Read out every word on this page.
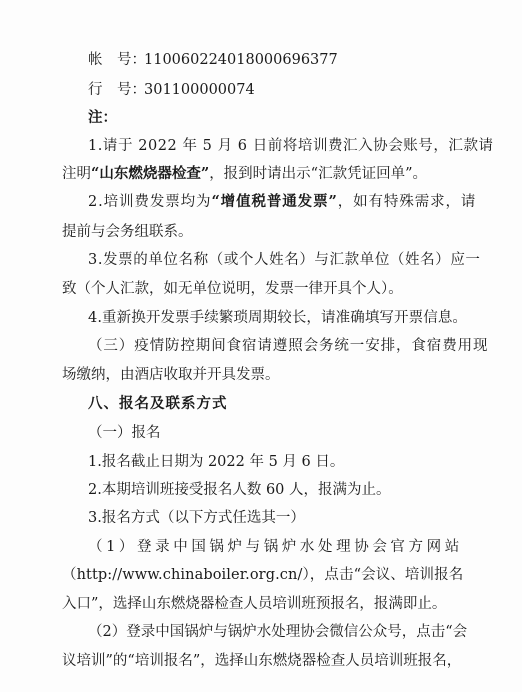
帐　号：110060224018000696377
行　号：301100000074
注：
1.请于 2022 年 5 月 6 日前将培训费汇入协会账号，汇款请
注明“山东燃烧器检查”，报到时请出示“汇款凭证回单”。
2.培训费发票均为“增值税普通发票”，如有特殊需求，请
提前与会务组联系。
3.发票的单位名称（或个人姓名）与汇款单位（姓名）应一
致（个人汇款，如无单位说明，发票一律开具个人）。
4.重新换开发票手续繁琐周期较长，请准确填写开票信息。
（三）疫情防控期间食宿请遵照会务统一安排，食宿费用现
场缴纳，由酒店收取并开具发票。
八、报名及联系方式
（一）报名
1.报名截止日期为 2022 年 5 月 6 日。
2.本期培训班接受报名人数 60 人，报满为止。
3.报名方式（以下方式任选其一）
（1）登录中国锅炉与锅炉水处理协会官方网站
（http://www.chinaboiler.org.cn/），点击“会议、培训报名
入口”，选择山东燃烧器检查人员培训班预报名，报满即止。
（2）登录中国锅炉与锅炉水处理协会微信公众号，点击“会
议培训”的“培训报名”，选择山东燃烧器检查人员培训班报名，
